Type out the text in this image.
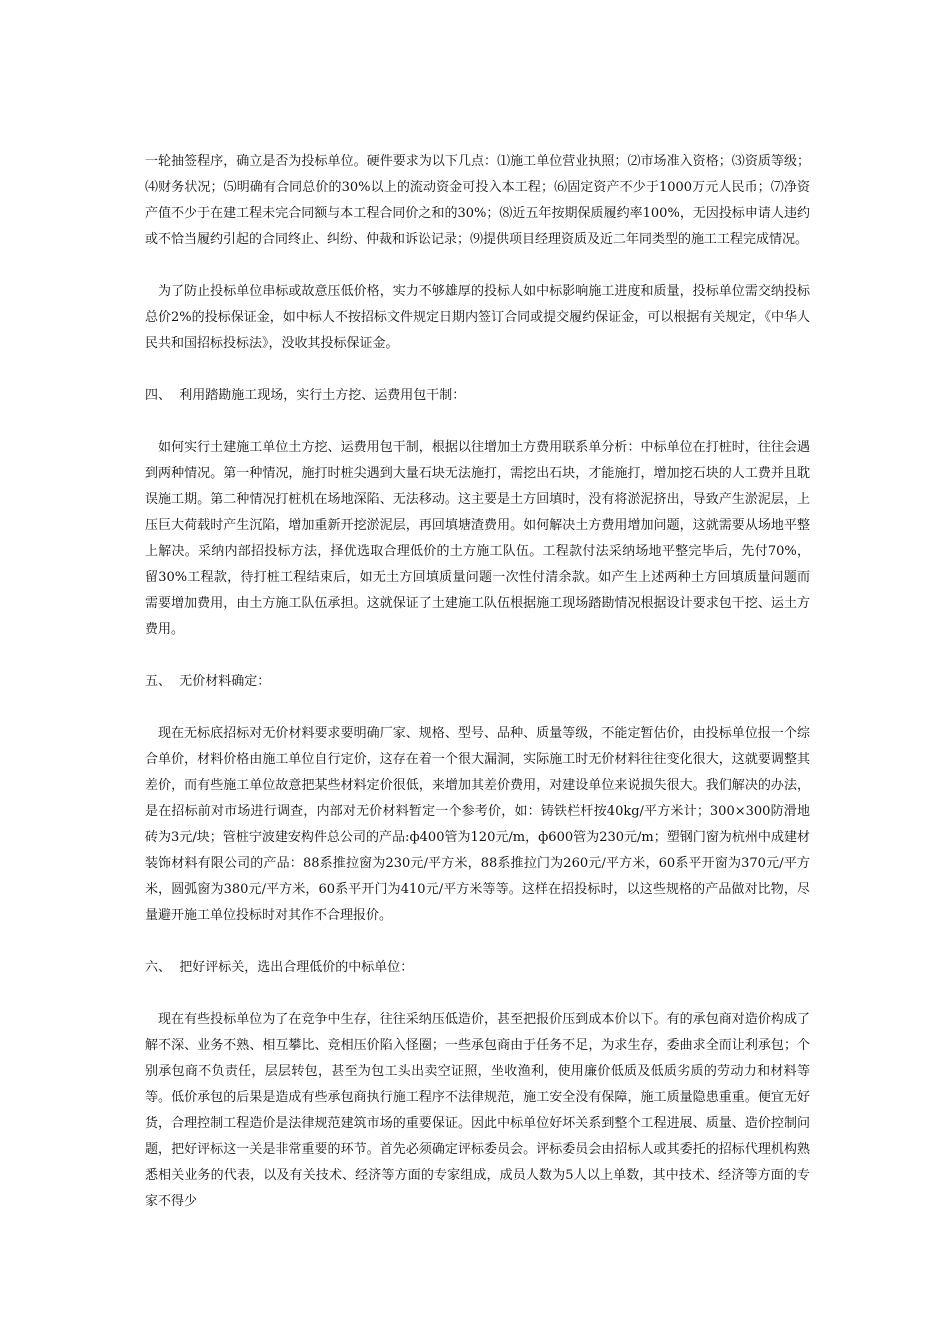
一轮抽签程序，确立是否为投标单位。硬件要求为以下几点：⑴施工单位营业执照；⑵市场准入资格；⑶资质等级；⑷财务状况；⑸明确有合同总价的30%以上的流动资金可投入本工程；⑹固定资产不少于1000万元人民币；⑺净资产值不少于在建工程未完合同额与本工程合同价之和的30%；⑻近五年按期保质履约率100%，无因投标申请人违约或不恰当履约引起的合同终止、纠纷、仲裁和诉讼记录；⑼提供项目经理资质及近二年同类型的施工工程完成情况。

为了防止投标单位串标或故意压低价格，实力不够雄厚的投标人如中标影响施工进度和质量，投标单位需交纳投标总价2%的投标保证金，如中标人不按招标文件规定日期内签订合同或提交履约保证金，可以根据有关规定，《中华人民共和国招标投标法》，没收其投标保证金。

四、  利用踏勘施工现场，实行土方挖、运费用包干制：

如何实行土建施工单位土方挖、运费用包干制，根据以往增加土方费用联系单分析：中标单位在打桩时，往往会遇到两种情况。第一种情况，施打时桩尖遇到大量石块无法施打，需挖出石块，才能施打，增加挖石块的人工费并且耽误施工期。第二种情况打桩机在场地深陷、无法移动。这主要是土方回填时，没有将淤泥挤出，导致产生淤泥层，上压巨大荷载时产生沉陷，增加重新开挖淤泥层，再回填塘渣费用。如何解决土方费用增加问题，这就需要从场地平整上解决。采纳内部招投标方法，择优选取合理低价的土方施工队伍。工程款付法采纳场地平整完毕后，先付70%，留30%工程款，待打桩工程结束后，如无土方回填质量问题一次性付清余款。如产生上述两种土方回填质量问题而需要增加费用，由土方施工队伍承担。这就保证了土建施工队伍根据施工现场踏勘情况根据设计要求包干挖、运土方费用。

五、  无价材料确定：

现在无标底招标对无价材料要求要明确厂家、规格、型号、品种、质量等级，不能定暂估价，由投标单位报一个综合单价，材料价格由施工单位自行定价，这存在着一个很大漏洞，实际施工时无价材料往往变化很大，这就要调整其差价，而有些施工单位故意把某些材料定价很低，来增加其差价费用，对建设单位来说损失很大。我们解决的办法，是在招标前对市场进行调查，内部对无价材料暂定一个参考价，如：铸铁栏杆按40kg/平方米计；300×300防滑地砖为3元/块；管桩宁波建安构件总公司的产品:ф400管为120元/m，ф600管为230元/m；塑钢门窗为杭州中成建材装饰材料有限公司的产品：88系推拉窗为230元/平方米，88系推拉门为260元/平方米，60系平开窗为370元/平方米，圆弧窗为380元/平方米，60系平开门为410元/平方米等等。这样在招投标时，以这些规格的产品做对比物，尽量避开施工单位投标时对其作不合理报价。

六、  把好评标关，选出合理低价的中标单位：

现在有些投标单位为了在竞争中生存，往往采纳压低造价，甚至把报价压到成本价以下。有的承包商对造价构成了解不深、业务不熟、相互攀比、竞相压价陷入怪圈；一些承包商由于任务不足，为求生存，委曲求全而让利承包；个别承包商不负责任，层层转包，甚至为包工头出卖空证照，坐收渔利，使用廉价低质及低质劣质的劳动力和材料等等。低价承包的后果是造成有些承包商执行施工程序不法律规范，施工安全没有保障，施工质量隐患重重。便宜无好货，合理控制工程造价是法律规范建筑市场的重要保证。因此中标单位好坏关系到整个工程进展、质量、造价控制问题，把好评标这一关是非常重要的环节。首先必须确定评标委员会。评标委员会由招标人或其委托的招标代理机构熟悉相关业务的代表，以及有关技术、经济等方面的专家组成，成员人数为5人以上单数，其中技术、经济等方面的专家不得少
